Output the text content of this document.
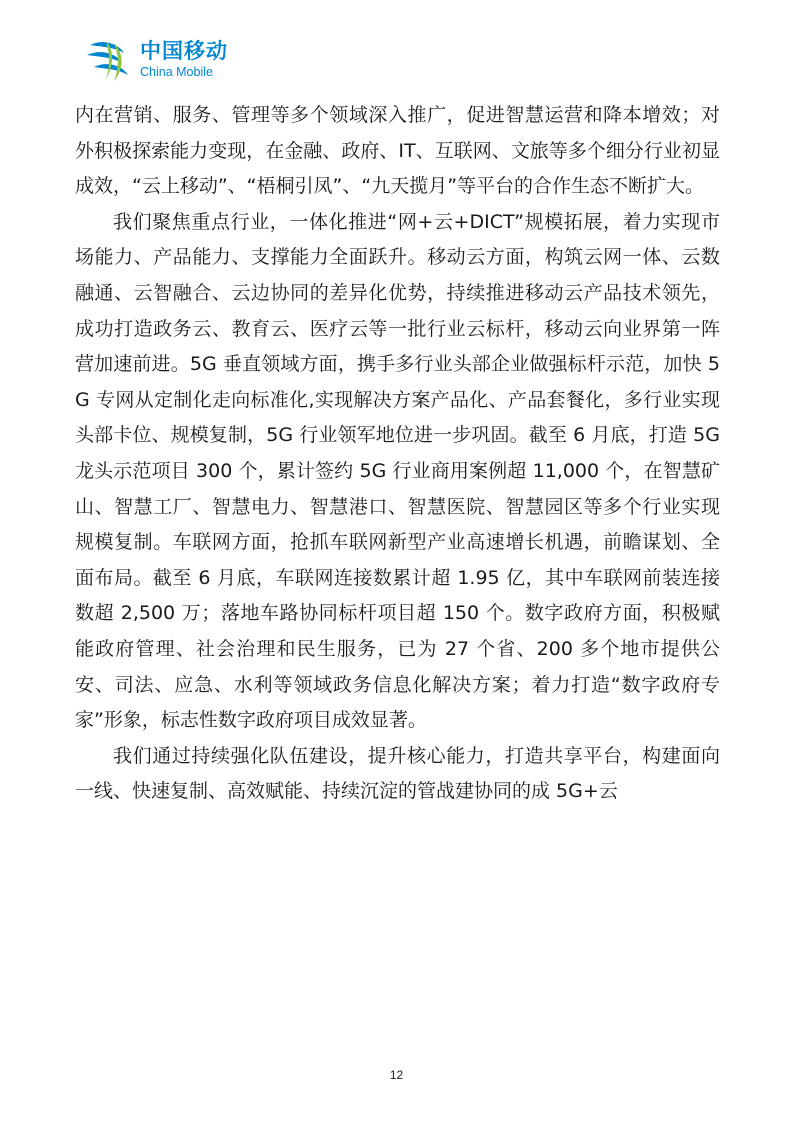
中国移动
China Mobile

内在营销、服务、管理等多个领域深入推广，促进智慧运营和降本增效；对外积极探索能力变现，在金融、政府、IT、互联网、文旅等多个细分行业初显成效，“云上移动”、“梧桐引凤”、“九天揽月”等平台的合作生态不断扩大。

我们聚焦重点行业，一体化推进“网+云+DICT”规模拓展，着力实现市场能力、产品能力、支撑能力全面跃升。移动云方面，构筑云网一体、云数融通、云智融合、云边协同的差异化优势，持续推进移动云产品技术领先，成功打造政务云、教育云、医疗云等一批行业云标杆，移动云向业界第一阵营加速前进。5G 垂直领域方面，携手多行业头部企业做强标杆示范，加快 5G 专网从定制化走向标准化,实现解决方案产品化、产品套餐化，多行业实现头部卡位、规模复制，5G 行业领军地位进一步巩固。截至 6 月底，打造 5G 龙头示范项目 300 个，累计签约 5G 行业商用案例超 11,000 个，在智慧矿山、智慧工厂、智慧电力、智慧港口、智慧医院、智慧园区等多个行业实现规模复制。车联网方面，抢抓车联网新型产业高速增长机遇，前瞻谋划、全面布局。截至 6 月底，车联网连接数累计超 1.95 亿，其中车联网前装连接数超 2,500 万；落地车路协同标杆项目超 150 个。数字政府方面，积极赋能政府管理、社会治理和民生服务，已为 27 个省、200 多个地市提供公安、司法、应急、水利等领域政务信息化解决方案；着力打造“数字政府专家”形象，标志性数字政府项目成效显著。

我们通过持续强化队伍建设，提升核心能力，打造共享平台，构建面向一线、快速复制、高效赋能、持续沉淀的管战建协同的成 5G+云

12
